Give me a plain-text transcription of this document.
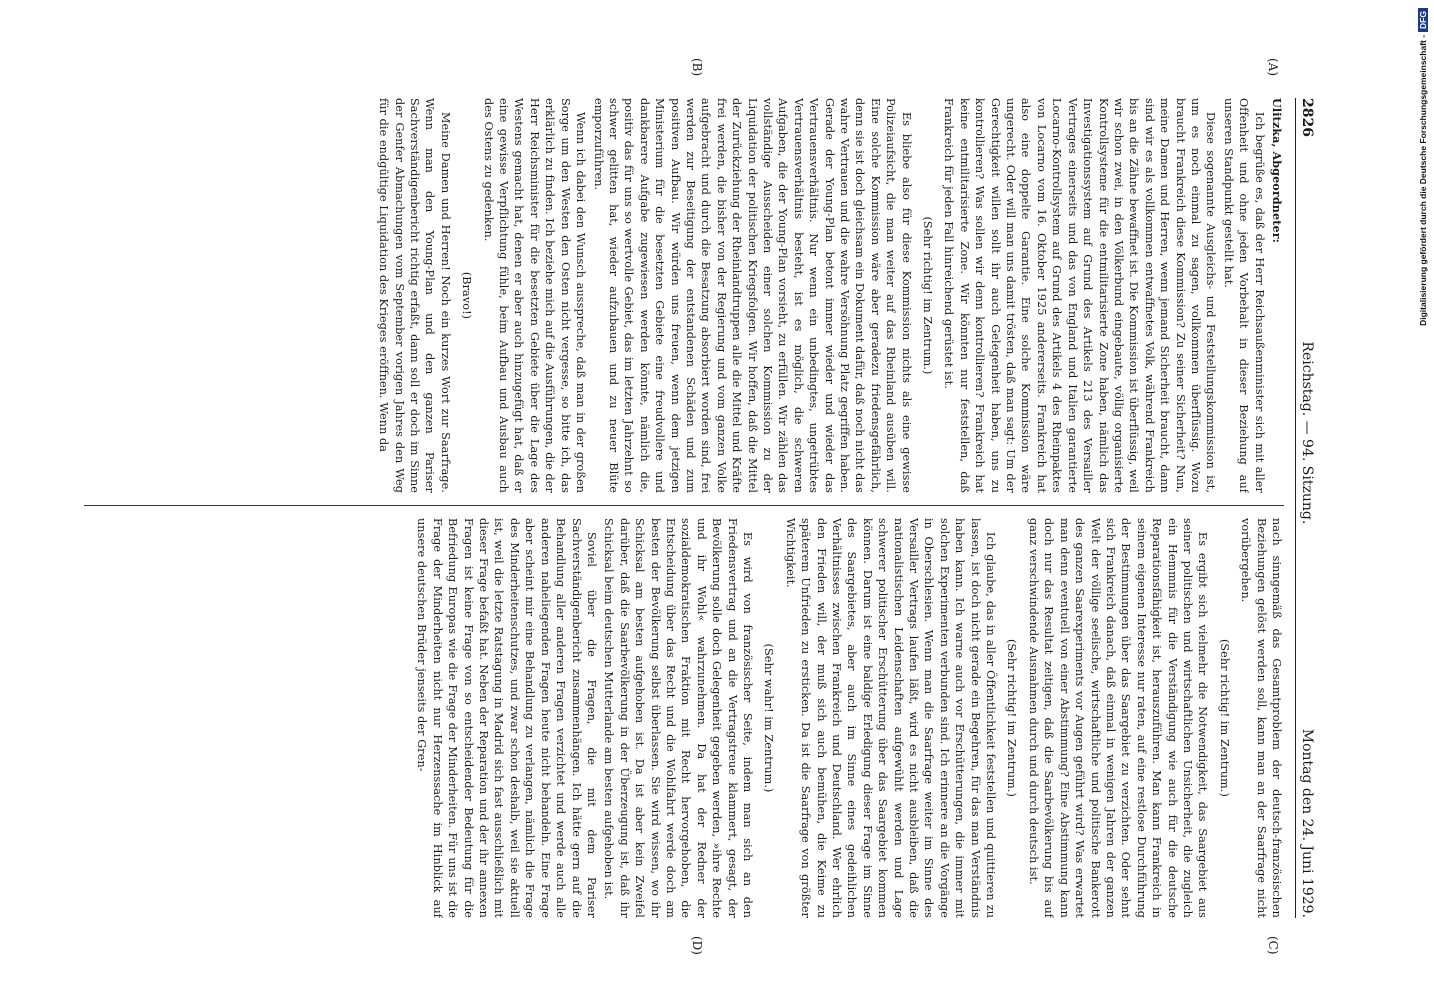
2826
Reichstag. — 94. Sitzung.
Montag den 24. Juni 1929.
(A)
(B)
(C)
(D)

Ulitzka, Abgeordneter:

Ich begrüße es, daß der Herr Reichsaußenminister sich mit aller Offenheit und ohne jeden Vorbehalt in dieser Beziehung auf unseren Standpunkt gestellt hat.

Diese sogenannte Ausgleichs- und Feststellungskommission ist, um es noch einmal zu sagen, vollkommen überflüssig. Wozu braucht Frankreich diese Kommission? Zu seiner Sicherheit? Nun, meine Damen und Herren, wenn jemand Sicherheit braucht, dann sind wir es als vollkommen entwaffnetes Volk, während Frankreich bis an die Zähne bewaffnet ist. Die Kommission ist überflüssig, weil wir schon zwei, in den Völkerbund eingebaute, völlig organisierte Kontrollsysteme für die entmilitarisierte Zone haben, nämlich das Investigationssystem auf Grund des Artikels 213 des Versailler Vertrages einerseits und das von England und Italien garantierte Locarno-Kontrollsystem auf Grund des Artikels 4 des Rheinpaktes von Locarno vom 16. Oktober 1925 andererseits. Frankreich hat also eine doppelte Garantie. Eine solche Kommission wäre ungerecht. Oder will man uns damit trösten, daß man sagt: Um der Gerechtigkeit willen sollt ihr auch Gelegenheit haben, uns zu kontrollieren? Was sollen wir denn kontrollieren? Frankreich hat keine entmilitarisierte Zone. Wir könnten nur feststellen, daß Frankreich für jeden Fall hinreichend gerüstet ist.

(Sehr richtig! im Zentrum.)

Es bliebe also für diese Kommission nichts als eine gewisse Polizeiaufsicht, die man weiter auf das Rheinland ausüben will. Eine solche Kommission wäre aber geradezu friedensgefährlich, denn sie ist doch gleichsam ein Dokument dafür, daß noch nicht das wahre Vertrauen und die wahre Versöhnung Platz gegriffen haben. Gerade der Young-Plan betont immer wieder und wieder das Vertrauensverhältnis. Nur wenn ein unbedingtes, ungetrübtes Vertrauensverhältnis besteht, ist es möglich, die schweren Aufgaben, die der Young-Plan vorsieht, zu erfüllen. Wir zählen das vollständige Ausscheiden einer solchen Kommission zu der Liquidation der politischen Kriegsfolgen. Wir hoffen, daß die Mittel der Zurückziehung der Rheinlandtruppen alle die Mittel und Kräfte frei werden, die bisher von der Regierung und vom ganzen Volke aufgebracht und durch die Besatzung absorbiert worden sind, frei werden zur Beseitigung der entstandenen Schäden und zum positiven Aufbau. Wir würden uns freuen, wenn dem jetzigen Ministerium für die besetzten Gebiete eine freudvollere und dankbarere Aufgabe zugewiesen werden könnte, nämlich die, positiv das für uns so wertvolle Gebiet, das im letzten Jahrzehnt so schwer gelitten hat, wieder aufzubauen und zu neuer Blüte emporzuführen.

Wenn ich dabei den Wunsch ausspreche, daß man in der großen Sorge um den Westen den Osten nicht vergesse, so bitte ich, das erklärlich zu finden. Ich beziehe mich auf die Ausführungen, die der Herr Reichsminister für die besetzten Gebiete über die Lage des Westens gemacht hat, denen er aber auch hinzugefügt hat, daß er eine gewisse Verpflichtung fühle, beim Aufbau und Ausbau auch des Ostens zu gedenken.

(Bravo!)

Meine Damen und Herren! Noch ein kurzes Wort zur Saarfrage. Wenn man den Young-Plan und den ganzen Pariser Sachverständigenbericht richtig erfaßt, dann soll er doch im Sinne der Genfer Abmachungen vom September vorigen Jahres den Weg für die endgültige Liquidation des Krieges eröffnen. Wenn da

nach sinngemäß das Gesamtproblem der deutsch-französischen Beziehungen gelöst werden soll, kann man an der Saarfrage nicht vorübergehen.

(Sehr richtig! im Zentrum.)

Es ergibt sich vielmehr die Notwendigkeit, das Saargebiet aus seiner politischen und wirtschaftlichen Unsicherheit, die zugleich ein Hemmnis für die Verständigung wie auch für die deutsche Reparationsfähigkeit ist, herauszuführen. Man kann Frankreich in seinem eigenen Interesse nur raten, auf eine restlose Durchführung der Bestimmungen über das Saargebiet zu verzichten. Oder sehnt sich Frankreich danach, daß einmal in wenigen Jahren der ganzen Welt der völlige seelische, wirtschaftliche und politische Bankerott des ganzen Saarexperiments vor Augen geführt wird? Was erwartet man denn eventuell von einer Abstimmung? Eine Abstimmung kann doch nur das Resultat zeitigen, daß die Saarbevölkerung bis auf ganz verschwindende Ausnahmen durch und durch deutsch ist.

(Sehr richtig! im Zentrum.)

Ich glaube, das in aller Öffentlichkeit feststellen und quittieren zu lassen, ist doch nicht gerade ein Begehren, für das man Verständnis haben kann. Ich warne auch vor Erschütterungen, die immer mit solchen Experimenten verbunden sind. Ich erinnere an die Vorgänge in Oberschlesien. Wenn man die Saarfrage weiter im Sinne des Versailler Vertrags laufen läßt, wird es nicht ausbleiben, daß die nationalistischen Leidenschaften aufgewühlt werden und Lage schwerer politischer Erschütterung über das Saargebiet kommen können. Darum ist eine baldige Erledigung dieser Frage im Sinne des Saargebietes, aber auch im Sinne eines gedeihlichen Verhältnisses zwischen Frankreich und Deutschland. Wer ehrlich den Frieden will, der muß sich auch bemühen, die Keime zu späterem Unfrieden zu ersticken. Da ist die Saarfrage von größter Wichtigkeit.

(Sehr wahr! im Zentrum.)

Es wird von französischer Seite, indem man sich an den Friedensvertrag und an die Vertragstreue klammert, gesagt, der Bevölkerung solle doch Gelegenheit gegeben werden, »ihre Rechte und ihr Wohl« wahrzunehmen. Da hat der Redner der sozialdemokratischen Fraktion mit Recht hervorgehoben, die Entscheidung über das Recht und die Wohlfahrt werde doch am besten der Bevölkerung selbst überlassen. Sie wird wissen, wo ihr Schicksal am besten aufgehoben ist. Da ist aber kein Zweifel darüber, daß die Saarbevölkerung in der Überzeugung ist, daß ihr Schicksal beim deutschen Mutterlande am besten aufgehoben ist.

Soviel über die Fragen, die mit dem Pariser Sachverständigenbericht zusammenhängen. Ich hätte gern auf die Behandlung aller anderen Fragen verzichtet und werde auch alle anderen naheliegenden Fragen heute nicht behandeln. Eine Frage aber scheint mir eine Behandlung zu verlangen, nämlich die Frage des Minderheitenschutzes, und zwar schon deshalb, weil sie aktuell ist, weil die letzte Ratstagung in Madrid sich fast ausschließlich mit dieser Frage befaßt hat. Neben der Reparation und der ihr annexen Fragen ist keine Frage von so entscheidender Bedeutung für die Befriedung Europas wie die Frage der Minderheiten. Für uns ist die Frage der Minderheiten nicht nur Herzenssache im Hinblick auf unsere deutschen Brüder jenseits der Gren-

Digitalisierung gefördert durch die Deutsche Forschungsgemeinschaft -DFG
